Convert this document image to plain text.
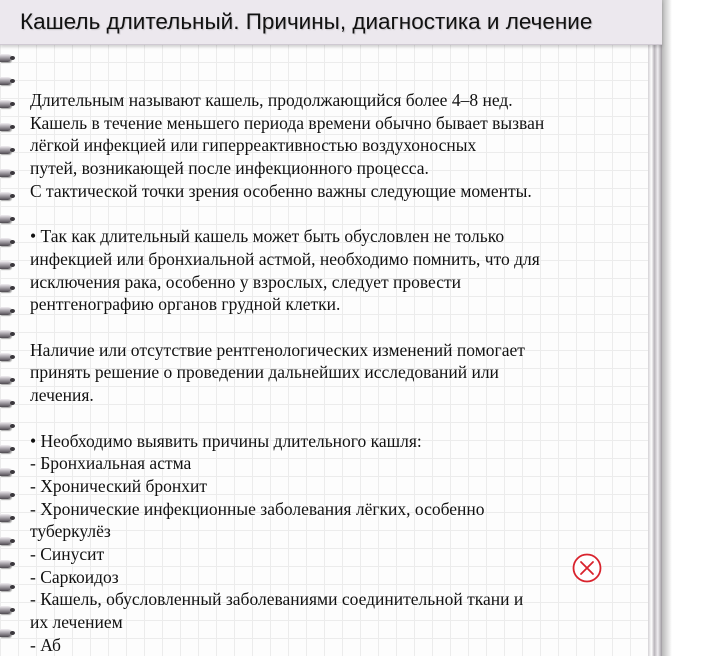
Кашель длительный. Причины, диагностика и лечение

Длительным называют кашель, продолжающийся более 4–8 нед.

Кашель в течение меньшего периода времени обычно бывает вызван

лёгкой инфекцией или гиперреактивностью воздухоносных

путей, возникающей после инфекционного процесса.

С тактической точки зрения особенно важны следующие моменты.

• Так как длительный кашель может быть обусловлен не только

инфекцией или бронхиальной астмой, необходимо помнить, что для

исключения рака, особенно у взрослых, следует провести

рентгенографию органов грудной клетки.

Наличие или отсутствие рентгенологических изменений помогает

принять решение о проведении дальнейших исследований или

лечения.

• Необходимо выявить причины длительного кашля:

- Бронхиальная астма

- Хронический бронхит

- Хронические инфекционные заболевания лёгких, особенно

туберкулёз

- Синусит

- Саркоидоз

- Кашель, обусловленный заболеваниями соединительной ткани и

их лечением

- Аб
